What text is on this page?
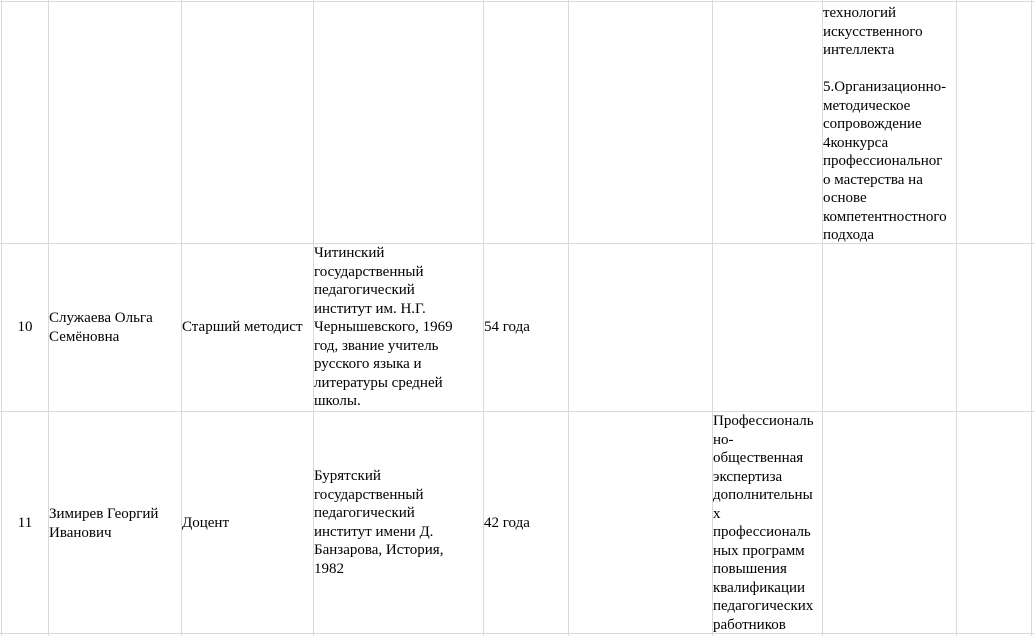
технологий
искусственного
интеллекта
5.Организационно-
методическое
сопровождение
4конкурса
профессиональног
о мастерства на
основе
компетентностного
подхода
10
Служаева Ольга
Семёновна
Старший методист
Читинский
государственный
педагогический
институт им. Н.Г.
Чернышевского, 1969
год, звание учитель
русского языка и
литературы средней
школы.
54 года
11
Зимирев Георгий
Иванович
Доцент
Бурятский
государственный
педагогический
институт имени Д.
Банзарова, История,
1982
42 года
Профессиональ
но-
общественная
экспертиза
дополнительны
х
профессиональ
ных программ
повышения
квалификации
педагогических
работников
